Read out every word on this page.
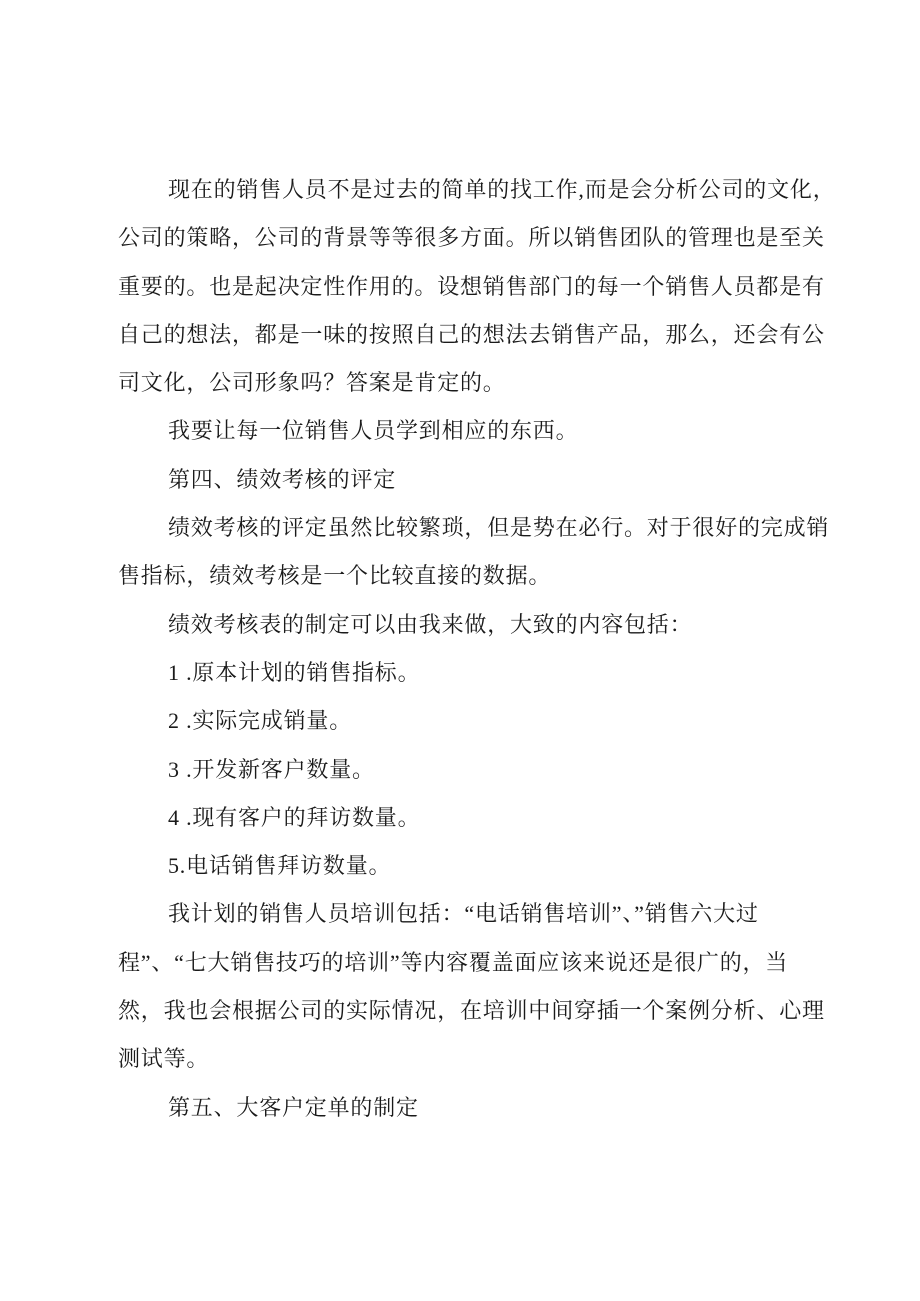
现在的销售人员不是过去的简单的找工作,而是会分析公司的文化，
公司的策略，公司的背景等等很多方面。所以销售团队的管理也是至关
重要的。也是起决定性作用的。设想销售部门的每一个销售人员都是有
自己的想法，都是一味的按照自己的想法去销售产品，那么，还会有公
司文化，公司形象吗？答案是肯定的。
我要让每一位销售人员学到相应的东西。
第四、绩效考核的评定
绩效考核的评定虽然比较繁琐，但是势在必行。对于很好的完成销
售指标，绩效考核是一个比较直接的数据。
绩效考核表的制定可以由我来做，大致的内容包括：
1 .原本计划的销售指标。
2 .实际完成销量。
3 .开发新客户数量。
4 .现有客户的拜访数量。
5.电话销售拜访数量。
我计划的销售人员培训包括：“电话销售培训”、”销售六大过
程”、“七大销售技巧的培训”等内容覆盖面应该来说还是很广的，当
然，我也会根据公司的实际情况，在培训中间穿插一个案例分析、心理
测试等。
第五、大客户定单的制定
